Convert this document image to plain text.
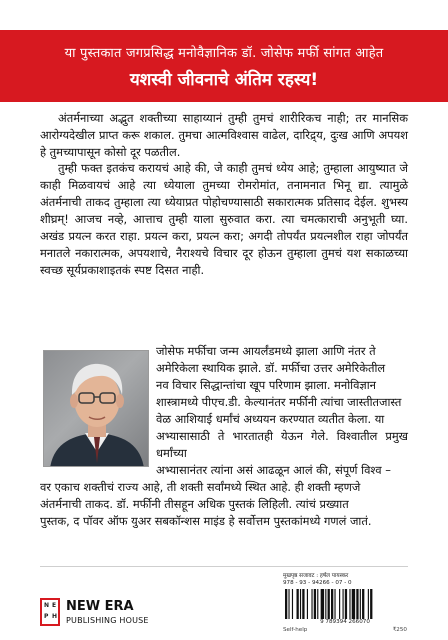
या पुस्तकात जगप्रसिद्ध मनोवैज्ञानिक डॉ. जोसेफ मर्फी सांगत आहेत
यशस्वी जीवनाचे अंतिम रहस्य!

अंतर्मनाच्या अद्भुत शक्तीच्या साहाय्यानं तुम्ही तुमचं शारीरिकच नाही; तर मानसिक आरोग्यदेखील प्राप्त करू शकाल. तुमचा आत्मविश्वास वाढेल, दारिद्र्य, दुःख आणि अपयश हे तुमच्यापासून कोसो दूर पळतील.

तुम्ही फक्त इतकंच करायचं आहे की, जे काही तुमचं ध्येय आहे; तुम्हाला आयुष्यात जे काही मिळवायचं आहे त्या ध्येयाला तुमच्या रोमरोमांत, तनामनात भिनू द्या. त्यामुळे अंतर्मनाची ताकद तुम्हाला त्या ध्येयाप्रत पोहोचण्यासाठी सकारात्मक प्रतिसाद देईल. शुभस्य शीघ्रम्! आजच नव्हे, आत्ताच तुम्ही याला सुरुवात करा. त्या चमत्काराची अनुभूती घ्या. अखंड प्रयत्न करत राहा. प्रयत्न करा, प्रयत्न करा; अगदी तोपर्यंत प्रयत्नशील राहा जोपर्यंत मनातले नकारात्मक, अपयशाचे, नैराश्यचे विचार दूर होऊन तुम्हाला तुमचं यश सकाळच्या स्वच्छ सूर्यप्रकाशाइतकं स्पष्ट दिसत नाही.

जोसेफ मर्फीचा जन्म आयर्लंडमध्ये झाला आणि नंतर ते
अमेरिकेला स्थायिक झाले. डॉ. मर्फीचा उत्तर अमेरिकेतील
नव विचार सिद्धान्तांचा खूप परिणाम झाला. मनोविज्ञान
शास्त्रामध्ये पीएच.डी. केल्यानंतर मर्फीनी त्यांचा जास्तीतजास्त
वेळ आशियाई धर्मांचं अध्ययन करण्यात व्यतीत केला. या
अभ्यासासाठी ते भारतातही येऊन गेले. विश्वातील प्रमुख धर्मांच्या
अभ्यासानंतर त्यांना असं आढळून आलं की, संपूर्ण विश्व –
वर एकाच शक्तीचं राज्य आहे, ती शक्ती सर्वांमध्ये स्थित आहे. ही शक्ती म्हणजे
अंतर्मनाची ताकद. डॉ. मर्फीनी तीसहून अधिक पुस्तकं लिहिली. त्यांचं प्रख्यात
पुस्तक, द पॉवर ऑफ युअर सबकॉन्शस माइंड हे सर्वोत्तम पुस्तकांमध्ये गणलं जातं.
N E
P H
NEW ERA
PUBLISHING HOUSE
मुखपृष्ठ सजावट : हर्षल पायस्कर
978 - 93 - 94266 - 07 - 0
9 789394 266070
Self-help	₹250
